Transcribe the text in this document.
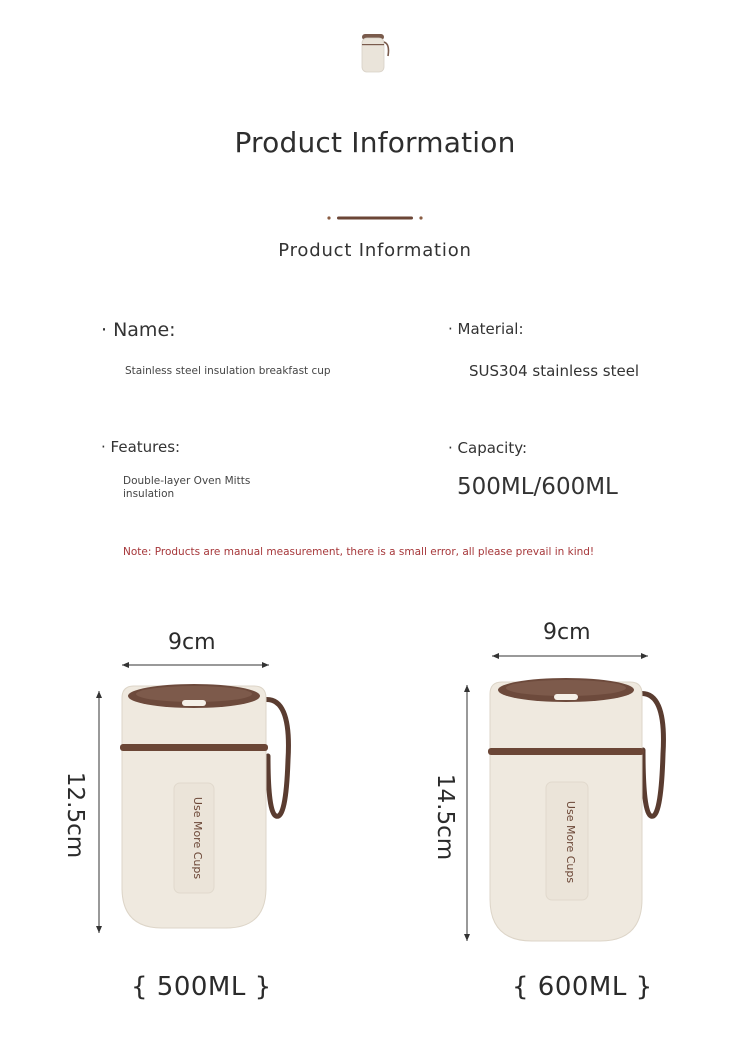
Product Information
Product Information
· Name:
Stainless steel insulation breakfast cup
· Material:
SUS304 stainless steel
· Features:
Double-layer Oven Mitts
insulation
· Capacity:
500ML/600ML
Note: Products are manual measurement, there is a small error, all please prevail in kind!
9cm
12.5cm	Use More Cups
{ 500ML }
9cm
14.5cm	Use More Cups
{ 600ML }
